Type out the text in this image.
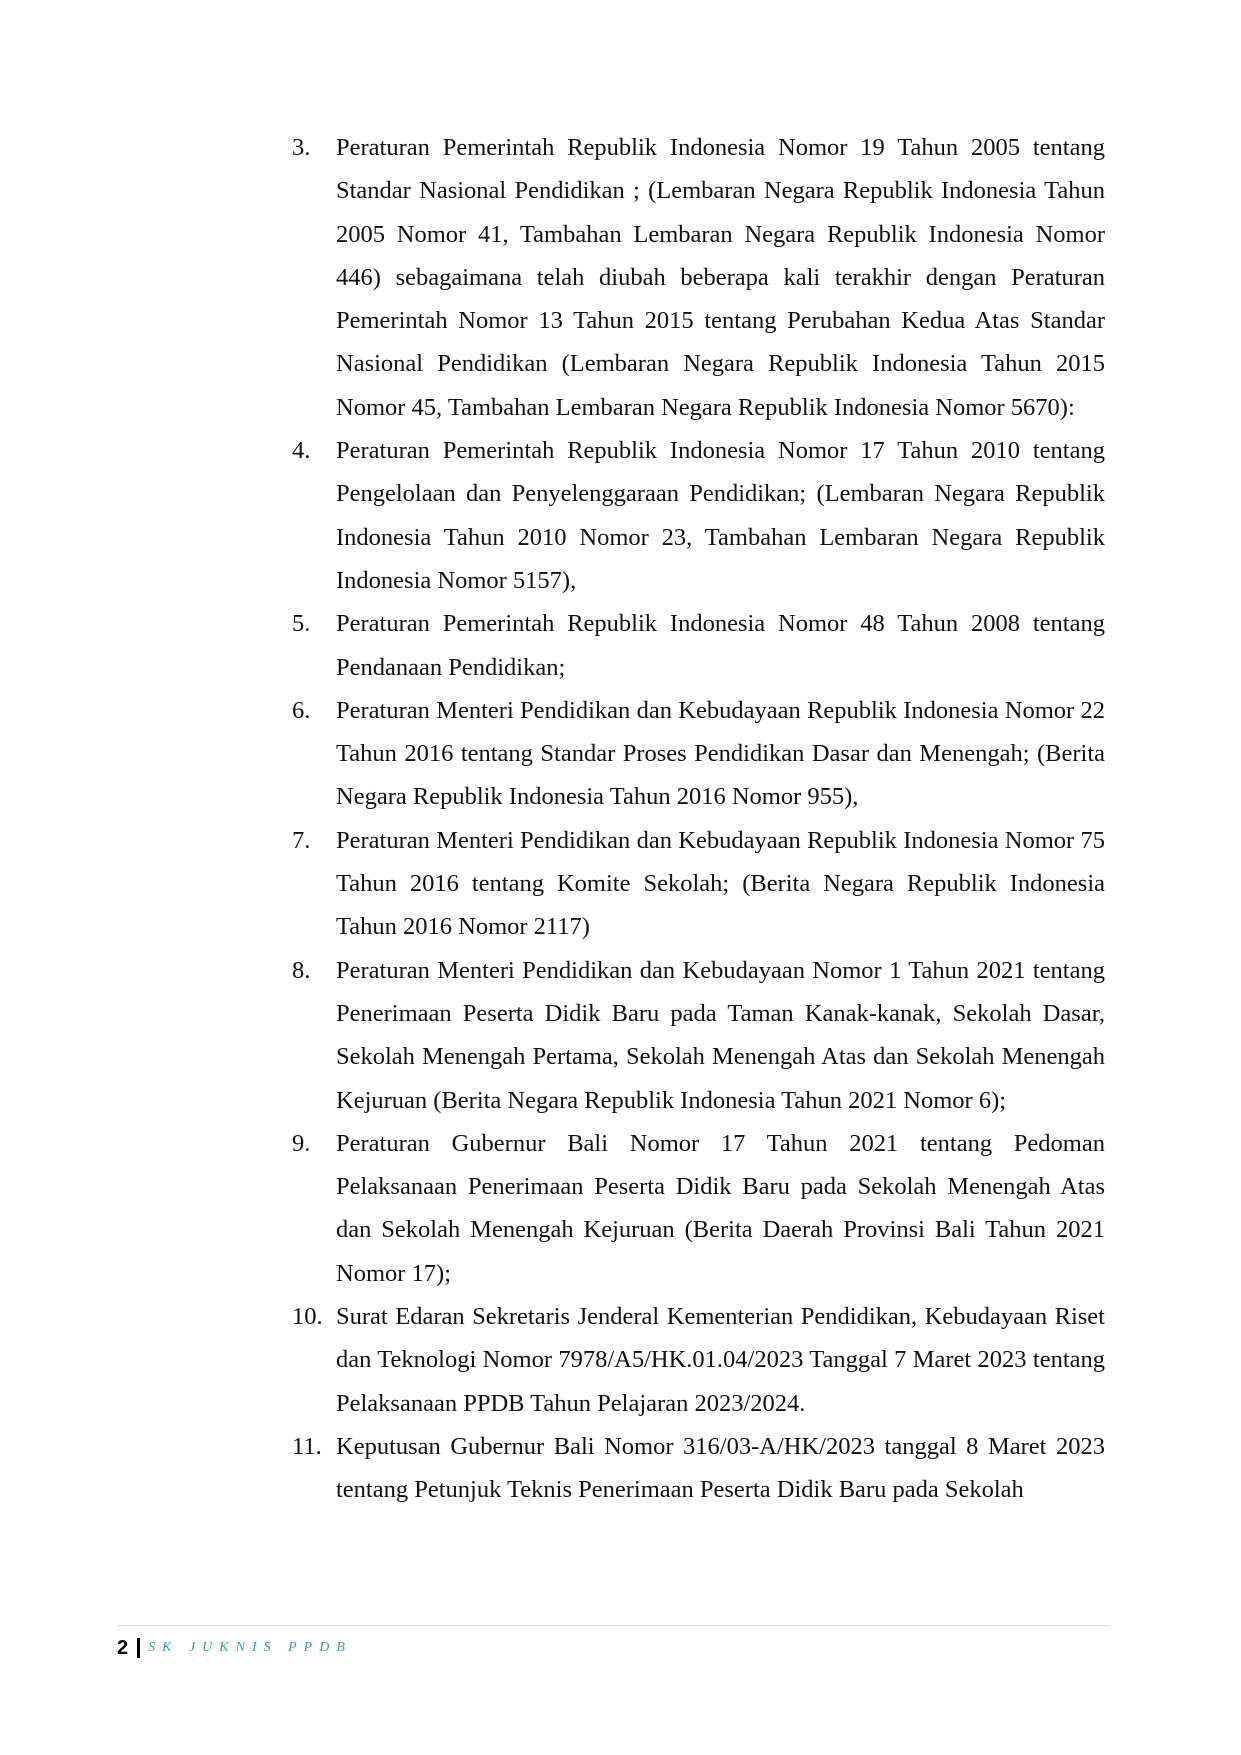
3. Peraturan Pemerintah Republik Indonesia Nomor 19 Tahun 2005 tentang Standar Nasional Pendidikan ; (Lembaran Negara Republik Indonesia Tahun 2005 Nomor 41, Tambahan Lembaran Negara Republik Indonesia Nomor 446) sebagaimana telah diubah beberapa kali terakhir dengan Peraturan Pemerintah Nomor 13 Tahun 2015 tentang Perubahan Kedua Atas Standar Nasional Pendidikan (Lembaran Negara Republik Indonesia Tahun 2015 Nomor 45, Tambahan Lembaran Negara Republik Indonesia Nomor 5670):
4. Peraturan Pemerintah Republik Indonesia Nomor 17 Tahun 2010 tentang Pengelolaan dan Penyelenggaraan Pendidikan; (Lembaran Negara Republik Indonesia Tahun 2010 Nomor 23, Tambahan Lembaran Negara Republik Indonesia Nomor 5157),
5. Peraturan Pemerintah Republik Indonesia Nomor 48 Tahun 2008 tentang Pendanaan Pendidikan;
6. Peraturan Menteri Pendidikan dan Kebudayaan Republik Indonesia Nomor 22 Tahun 2016 tentang Standar Proses Pendidikan Dasar dan Menengah; (Berita Negara Republik Indonesia Tahun 2016 Nomor 955),
7. Peraturan Menteri Pendidikan dan Kebudayaan Republik Indonesia Nomor 75 Tahun 2016 tentang Komite Sekolah; (Berita Negara Republik Indonesia Tahun 2016 Nomor 2117)
8. Peraturan Menteri Pendidikan dan Kebudayaan Nomor 1 Tahun 2021 tentang Penerimaan Peserta Didik Baru pada Taman Kanak-kanak, Sekolah Dasar, Sekolah Menengah Pertama, Sekolah Menengah Atas dan Sekolah Menengah Kejuruan (Berita Negara Republik Indonesia Tahun 2021 Nomor 6);
9. Peraturan Gubernur Bali Nomor 17 Tahun 2021 tentang Pedoman Pelaksanaan Penerimaan Peserta Didik Baru pada Sekolah Menengah Atas dan Sekolah Menengah Kejuruan (Berita Daerah Provinsi Bali Tahun 2021 Nomor 17);
10. Surat Edaran Sekretaris Jenderal Kementerian Pendidikan, Kebudayaan Riset dan Teknologi Nomor 7978/A5/HK.01.04/2023 Tanggal 7 Maret 2023 tentang Pelaksanaan PPDB Tahun Pelajaran 2023/2024.
11. Keputusan Gubernur Bali Nomor 316/03-A/HK/2023 tanggal 8 Maret 2023 tentang Petunjuk Teknis Penerimaan Peserta Didik Baru pada Sekolah
2 SK JUKNIS PPDB
